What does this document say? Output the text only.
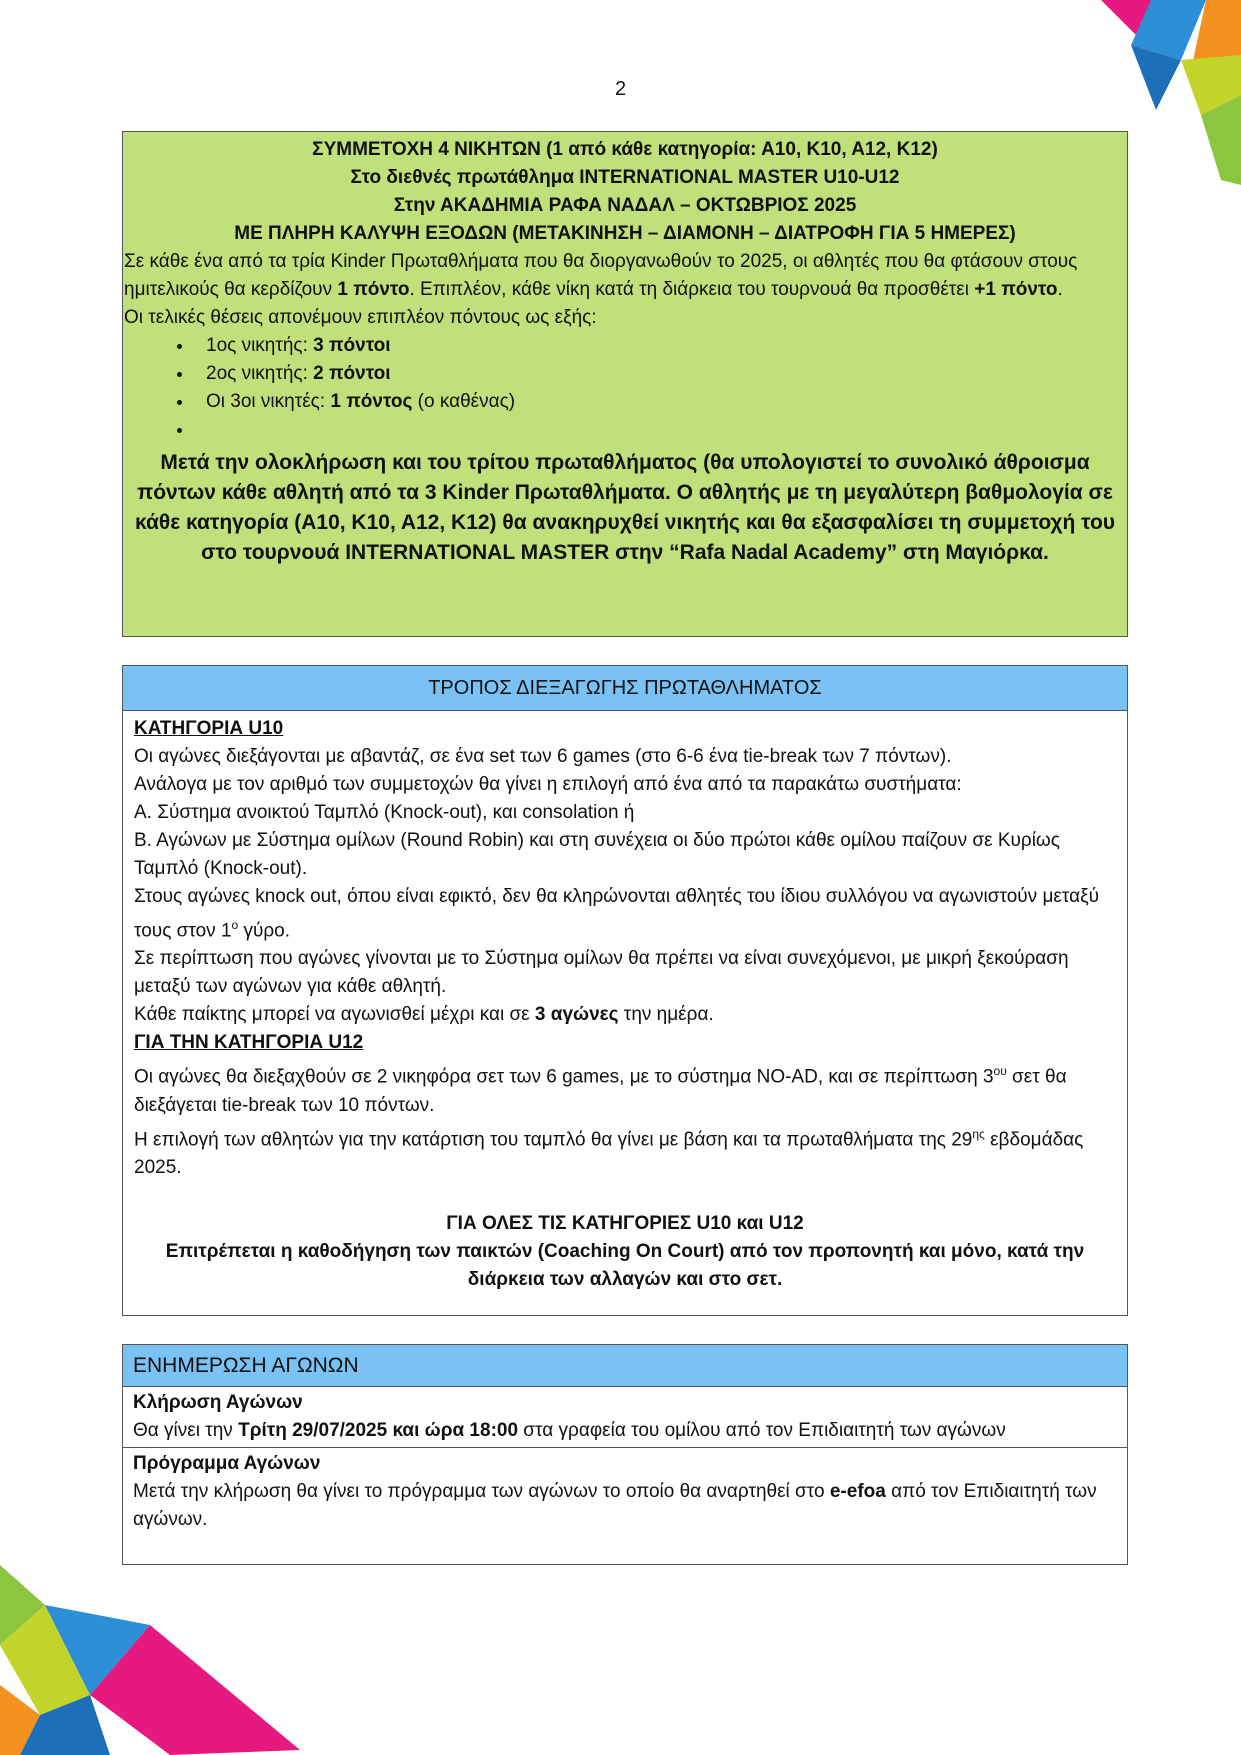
2
ΣΥΜΜΕΤΟΧΗ 4 ΝΙΚΗΤΩΝ (1 από κάθε κατηγορία: Α10, Κ10, Α12, Κ12)
Στο διεθνές πρωτάθλημα INTERNATIONAL MASTER U10-U12
Στην ΑΚΑΔΗΜΙΑ ΡΑΦΑ ΝΑΔΑΛ – ΟΚΤΩΒΡΙΟΣ 2025
ΜΕ ΠΛΗΡΗ ΚΑΛΥΨΗ ΕΞΟΔΩΝ (ΜΕΤΑΚΙΝΗΣΗ – ΔΙΑΜΟΝΗ – ΔΙΑΤΡΟΦΗ ΓΙΑ 5 ΗΜΕΡΕΣ)

Σε κάθε ένα από τα τρία Kinder Πρωταθλήματα που θα διοργανωθούν το 2025, οι αθλητές που θα φτάσουν στους ημιτελικούς θα κερδίζουν 1 πόντο. Επιπλέον, κάθε νίκη κατά τη διάρκεια του τουρνουά θα προσθέτει +1 πόντο.

Οι τελικές θέσεις απονέμουν επιπλέον πόντους ως εξής:

• 1ος νικητής: 3 πόντοι
• 2ος νικητής: 2 πόντοι
• Οι 3οι νικητές: 1 πόντος (ο καθένας)
•
Μετά την ολοκλήρωση και του τρίτου πρωταθλήματος (θα υπολογιστεί το συνολικό άθροισμα πόντων κάθε αθλητή από τα 3 Kinder Πρωταθλήματα. Ο αθλητής με τη μεγαλύτερη βαθμολογία σε κάθε κατηγορία (Α10, Κ10, Α12, Κ12) θα ανακηρυχθεί νικητής και θα εξασφαλίσει τη συμμετοχή του στο τουρνουά INTERNATIONAL MASTER στην “Rafa Nadal Academy” στη Μαγιόρκα.
ΤΡΟΠΟΣ ΔΙΕΞΑΓΩΓΗΣ ΠΡΩΤΑΘΛΗΜΑΤΟΣ

ΚΑΤΗΓΟΡΙΑ U10

Οι αγώνες διεξάγονται με αβαντάζ, σε ένα set των 6 games (στο 6-6 ένα tie-break των 7 πόντων).

Ανάλογα με τον αριθμό των συμμετοχών θα γίνει η επιλογή από ένα από τα παρακάτω συστήματα:

Α. Σύστημα ανοικτού Ταμπλό (Knock-out), και consolation ή

Β. Αγώνων με Σύστημα ομίλων (Round Robin) και στη συνέχεια οι δύο πρώτοι κάθε ομίλου παίζουν σε Κυρίως Ταμπλό (Knock-out).

Στους αγώνες knock out, όπου είναι εφικτό, δεν θα κληρώνονται αθλητές του ίδιου συλλόγου να αγωνιστούν μεταξύ τους στον $1^o$ γύρο.

Σε περίπτωση που αγώνες γίνονται με το Σύστημα ομίλων θα πρέπει να είναι συνεχόμενοι, με μικρή ξεκούραση μεταξύ των αγώνων για κάθε αθλητή.

Κάθε παίκτης μπορεί να αγωνισθεί μέχρι και σε 3 αγώνες την ημέρα.

ΓΙΑ ΤΗΝ ΚΑΤΗΓΟΡΙΑ U12

Οι αγώνες θα διεξαχθούν σε 2 νικηφόρα σετ των 6 games, με το σύστημα NO-AD, και σε περίπτωση $3^{o\upsilon}$ σετ θα διεξάγεται tie-break των 10 πόντων.

Η επιλογή των αθλητών για την κατάρτιση του ταμπλό θα γίνει με βάση και τα πρωταθλήματα της $29^{\eta\varsigma}$ εβδομάδας 2025.

ΓΙΑ ΟΛΕΣ ΤΙΣ ΚΑΤΗΓΟΡΙΕΣ U10 και U12

Επιτρέπεται η καθοδήγηση των παικτών (Coaching On Court) από τον προπονητή και μόνο, κατά την διάρκεια των αλλαγών και στο σετ.

ΕΝΗΜΕΡΩΣΗ ΑΓΩΝΩΝ

Κλήρωση Αγώνων

Θα γίνει την Τρίτη 29/07/2025 και ώρα 18:00 στα γραφεία του ομίλου από τον Επιδιαιτητή των αγώνων

Πρόγραμμα Αγώνων

Μετά την κλήρωση θα γίνει το πρόγραμμα των αγώνων το οποίο θα αναρτηθεί στο e-efoa από τον Επιδιαιτητή των αγώνων.
